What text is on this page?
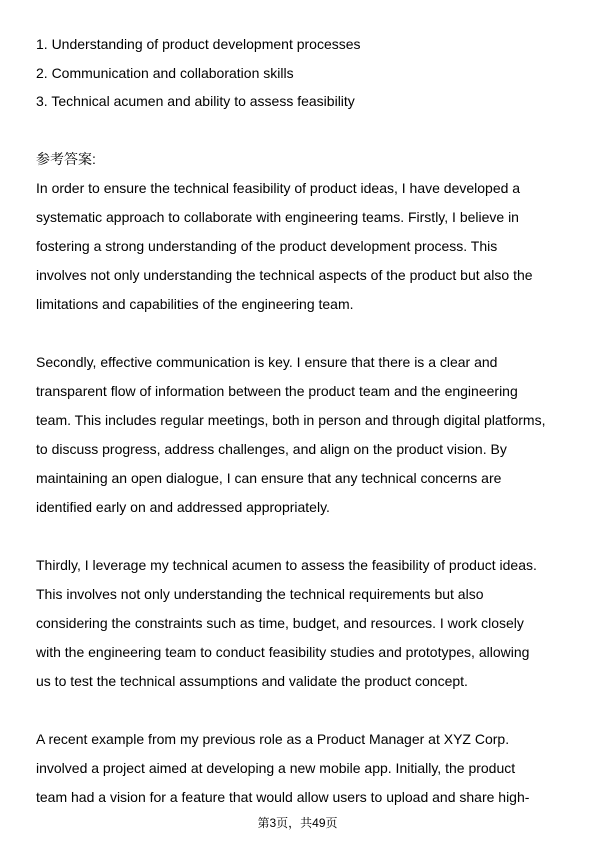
1. Understanding of product development processes
2. Communication and collaboration skills
3. Technical acumen and ability to assess feasibility
参考答案:
In order to ensure the technical feasibility of product ideas, I have developed a
systematic approach to collaborate with engineering teams. Firstly, I believe in
fostering a strong understanding of the product development process. This
involves not only understanding the technical aspects of the product but also the
limitations and capabilities of the engineering team.
Secondly, effective communication is key. I ensure that there is a clear and
transparent flow of information between the product team and the engineering
team. This includes regular meetings, both in person and through digital platforms,
to discuss progress, address challenges, and align on the product vision. By
maintaining an open dialogue, I can ensure that any technical concerns are
identified early on and addressed appropriately.
Thirdly, I leverage my technical acumen to assess the feasibility of product ideas.
This involves not only understanding the technical requirements but also
considering the constraints such as time, budget, and resources. I work closely
with the engineering team to conduct feasibility studies and prototypes, allowing
us to test the technical assumptions and validate the product concept.
A recent example from my previous role as a Product Manager at XYZ Corp.
involved a project aimed at developing a new mobile app. Initially, the product
team had a vision for a feature that would allow users to upload and share high-
第3页，共49页
